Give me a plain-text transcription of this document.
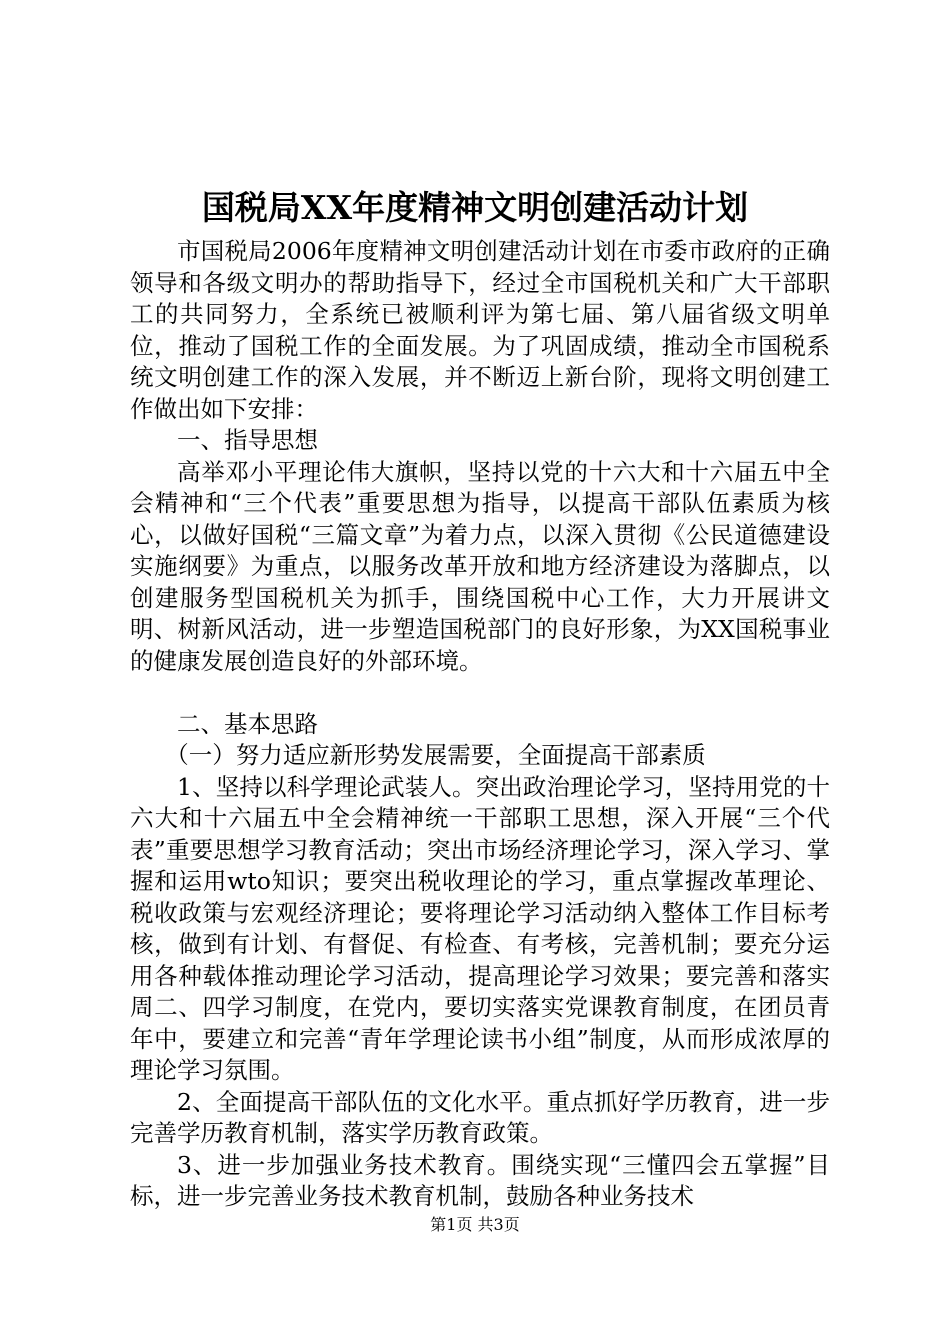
国税局XX年度精神文明创建活动计划

市国税局2006年度精神文明创建活动计划在市委市政府的正确领导和各级文明办的帮助指导下，经过全市国税机关和广大干部职工的共同努力，全系统已被顺利评为第七届、第八届省级文明单位，推动了国税工作的全面发展。为了巩固成绩，推动全市国税系统文明创建工作的深入发展，并不断迈上新台阶，现将文明创建工作做出如下安排：

一、指导思想

高举邓小平理论伟大旗帜，坚持以党的十六大和十六届五中全会精神和“三个代表”重要思想为指导，以提高干部队伍素质为核心，以做好国税“三篇文章”为着力点，以深入贯彻《公民道德建设实施纲要》为重点，以服务改革开放和地方经济建设为落脚点，以创建服务型国税机关为抓手，围绕国税中心工作，大力开展讲文明、树新风活动，进一步塑造国税部门的良好形象，为XX国税事业的健康发展创造良好的外部环境。

二、基本思路

（一）努力适应新形势发展需要，全面提高干部素质

1、坚持以科学理论武装人。突出政治理论学习，坚持用党的十六大和十六届五中全会精神统一干部职工思想，深入开展“三个代表”重要思想学习教育活动；突出市场经济理论学习，深入学习、掌握和运用wto知识；要突出税收理论的学习，重点掌握改革理论、税收政策与宏观经济理论；要将理论学习活动纳入整体工作目标考核，做到有计划、有督促、有检查、有考核，完善机制；要充分运用各种载体推动理论学习活动，提高理论学习效果；要完善和落实周二、四学习制度，在党内，要切实落实党课教育制度，在团员青年中，要建立和完善“青年学理论读书小组”制度，从而形成浓厚的理论学习氛围。

2、全面提高干部队伍的文化水平。重点抓好学历教育，进一步完善学历教育机制，落实学历教育政策。

3、进一步加强业务技术教育。围绕实现“三懂四会五掌握”目标，进一步完善业务技术教育机制，鼓励各种业务技术

第1页 共3页
